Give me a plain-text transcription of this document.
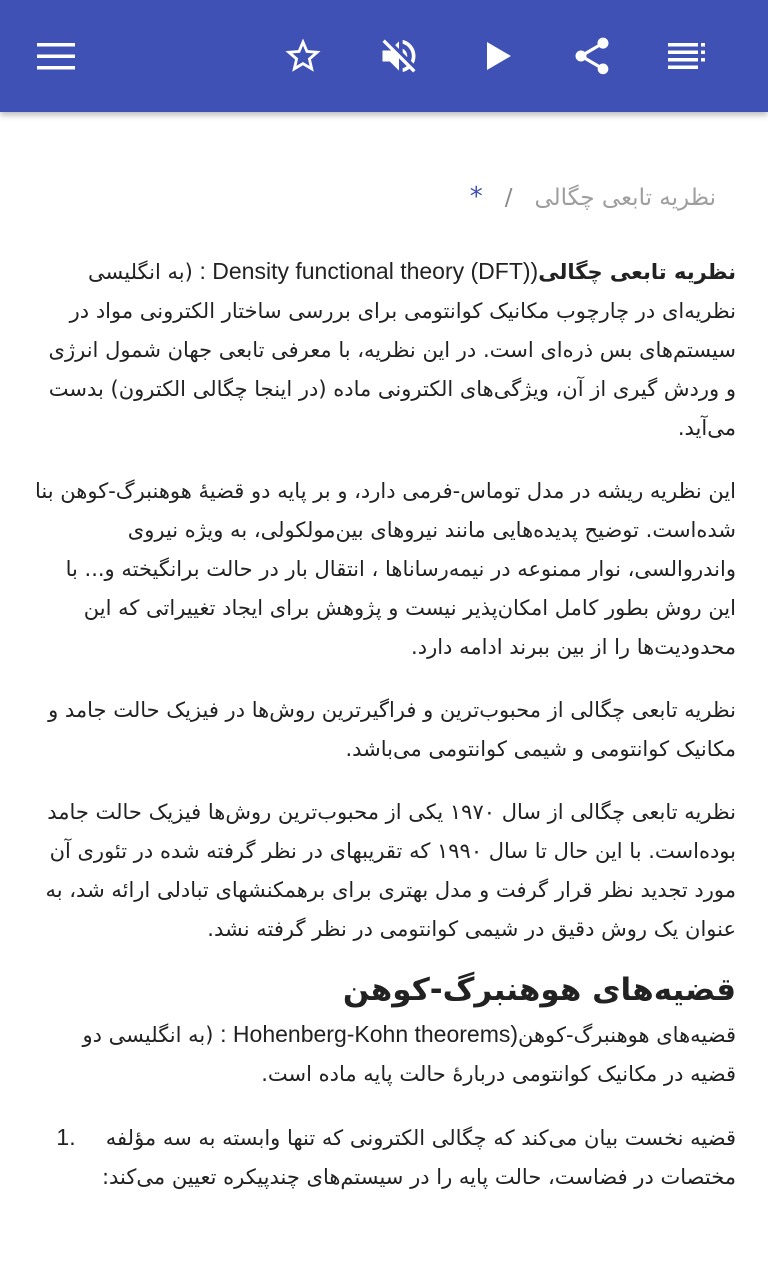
نظریه تابعی چگالی/*

نظریه تابعی چگالی: Density functional theory (DFT)) (به انگلیسی نظریه‌ای در چارچوب مکانیک کوانتومی برای بررسی ساختار الکترونی مواد در سیستم‌های بس ذره‌ای است. در این نظریه، با معرفی تابعی جهان شمول انرژی و وردش گیری از آن، ویژگی‌های الکترونی ماده (در اینجا چگالی الکترون) بدست می‌آید.

این نظریه ریشه در مدل توماس-فرمی دارد، و بر پایه دو قضیهٔ هوهنبرگ-کوهن بنا شده‌است. توضیح پدیده‌هایی مانند نیروهای بین‌مولکولی، به ویژه نیروی واندروالسی، نوار ممنوعه در نیمه‌رساناها ، انتقال بار در حالت برانگیخته و... با این روش بطور کامل امکان‌پذیر نیست و پژوهش برای ایجاد تغییراتی که این محدودیت‌ها را از بین ببرند ادامه دارد.

نظریه تابعی چگالی از محبوب‌ترین و فراگیرترین روش‌ها در فیزیک حالت جامد و مکانیک کوانتومی و شیمی کوانتومی می‌باشد.

نظریه تابعی چگالی از سال ۱۹۷۰ یکی از محبوب‌ترین روش‌ها فیزیک حالت جامد بوده‌است. با این حال تا سال ۱۹۹۰ که تقریبهای در نظر گرفته شده در تئوری آن مورد تجدید نظر قرار گرفت و مدل بهتری برای برهمکنشهای تبادلی ارائه شد، به عنوان یک روش دقیق در شیمی کوانتومی در نظر گرفته نشد.

قضیه‌های هوهنبرگ-کوهن

قضیه‌های هوهنبرگ-کوهن: Hohenberg-Kohn theorems) (به انگلیسی دو قضیه در مکانیک کوانتومی دربارهٔ حالت پایه ماده است.

1. قضیه نخست بیان می‌کند که چگالی الکترونی که تنها وابسته به سه مؤلفه مختصات در فضاست، حالت پایه را در سیستم‌های چندپیکره تعیین می‌کند:
